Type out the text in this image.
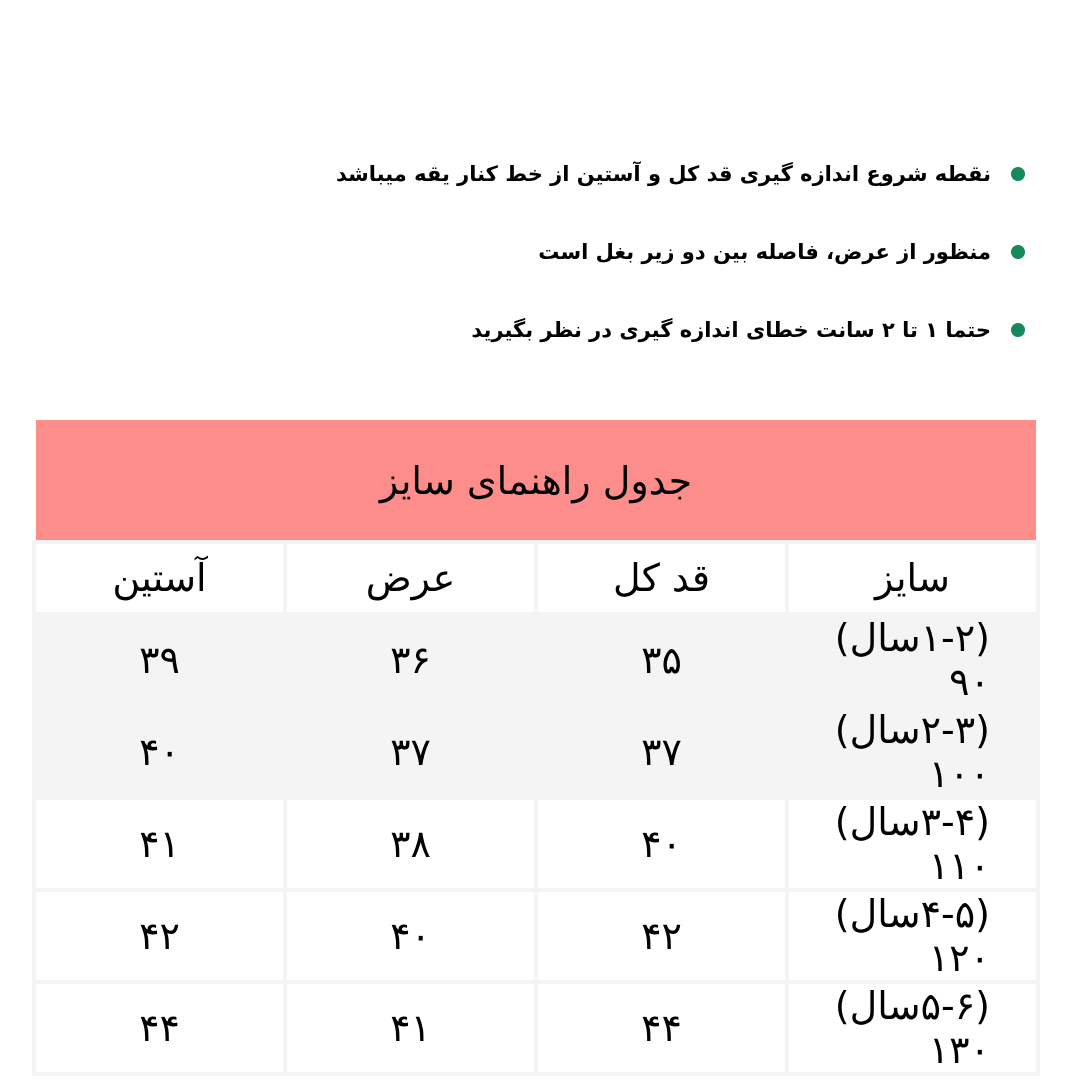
نقطه شروع اندازه گیری قد کل و آستین از خط کنار یقه میباشد
منظور از عرض، فاصله بین دو زیر بغل است
حتما ۱ تا ۲ سانت خطای اندازه گیری در نظر بگیرید
جدول راهنمای سایز
سایز	قد کل	عرض	آستین
(۱-۲سال) ۹۰	۳۵	۳۶	۳۹
(۲-۳سال) ۱۰۰	۳۷	۳۷	۴۰
(۳-۴سال) ۱۱۰	۴۰	۳۸	۴۱
(۴-۵سال) ۱۲۰	۴۲	۴۰	۴۲
(۵-۶سال) ۱۳۰	۴۴	۴۱	۴۴
